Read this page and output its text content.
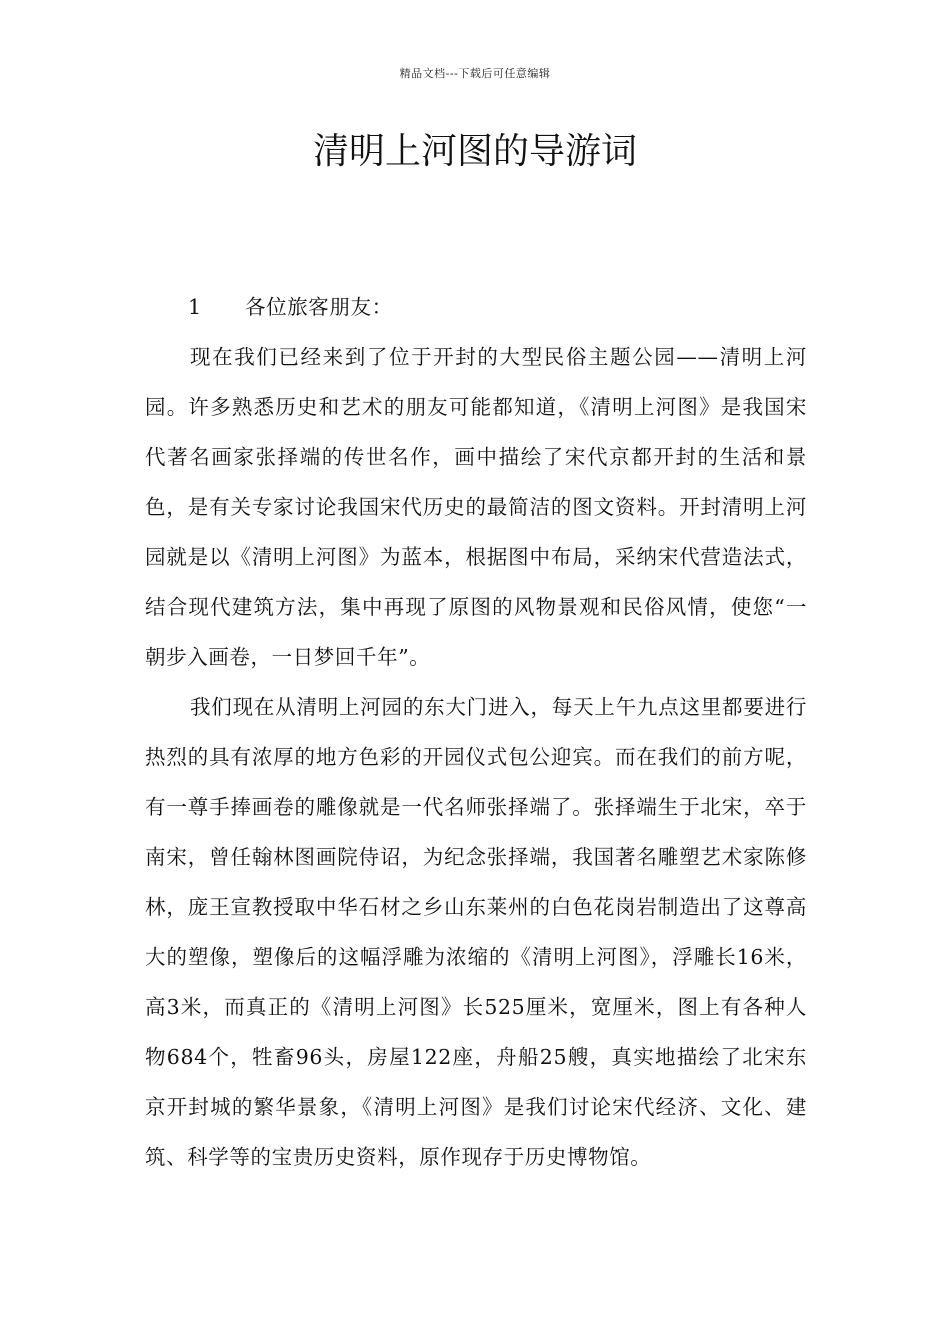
精品文档---下载后可任意编辑
清明上河图的导游词

1 各位旅客朋友：

现在我们已经来到了位于开封的大型民俗主题公园——清明上河园。许多熟悉历史和艺术的朋友可能都知道，《清明上河图》是我国宋代著名画家张择端的传世名作，画中描绘了宋代京都开封的生活和景色，是有关专家讨论我国宋代历史的最简洁的图文资料。开封清明上河园就是以《清明上河图》为蓝本，根据图中布局，采纳宋代营造法式，结合现代建筑方法，集中再现了原图的风物景观和民俗风情，使您“一朝步入画卷，一日梦回千年”。

我们现在从清明上河园的东大门进入，每天上午九点这里都要进行热烈的具有浓厚的地方色彩的开园仪式包公迎宾。而在我们的前方呢，有一尊手捧画卷的雕像就是一代名师张择端了。张择端生于北宋，卒于南宋，曾任翰林图画院侍诏，为纪念张择端，我国著名雕塑艺术家陈修林，庞王宣教授取中华石材之乡山东莱州的白色花岗岩制造出了这尊高大的塑像，塑像后的这幅浮雕为浓缩的《清明上河图》，浮雕长16米，高3米，而真正的《清明上河图》长525厘米，宽厘米，图上有各种人物684个，牲畜96头，房屋122座，舟船25艘，真实地描绘了北宋东京开封城的繁华景象，《清明上河图》是我们讨论宋代经济、文化、建筑、科学等的宝贵历史资料，原作现存于历史博物馆。
